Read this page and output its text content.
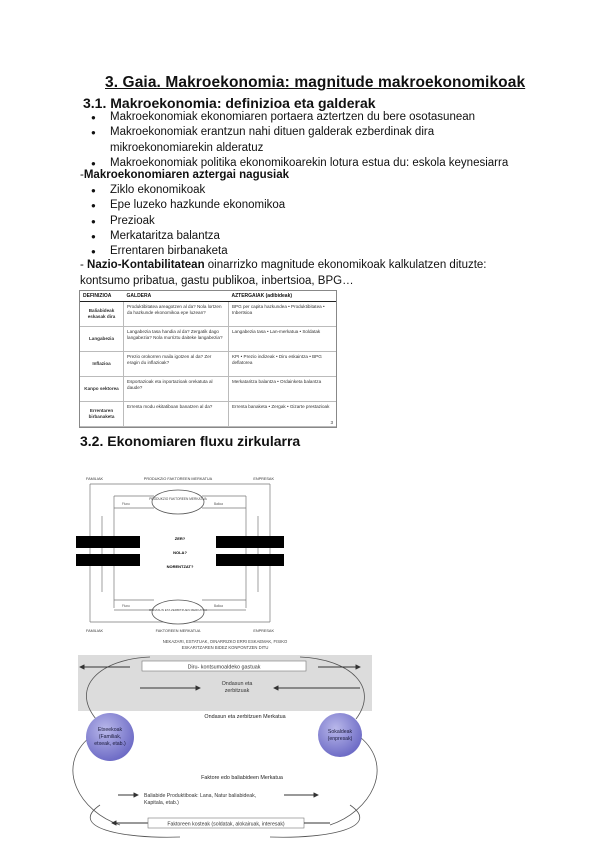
3. Gaia. Makroekonomia: magnitude makroekonomikoak
3.1. Makroekonomia: definizioa eta galderak
● Makroekonomiak ekonomiaren portaera aztertzen du bere osotasunean
● Makroekonomiak erantzun nahi dituen galderak ezberdinak dira mikroekonomiarekin alderatuz
● Makroekonomiak politika ekonomikoarekin lotura estua du: eskola keynesiarra
-Makroekonomiaren aztergai nagusiak
● Ziklo ekonomikoak
● Epe luzeko hazkunde ekonomikoa
● Prezioak
● Merkataritza balantza
● Errentaren birbanaketa
- Nazio-Kontabilitatean oinarrizko magnitude ekonomikoak kalkulatzen dituzte: kontsumo pribatua, gastu publikoa, inbertsioa, BPG…
DEFINIZIOA	GALDERA	AZTERGAIAK (adibideak)
Baliabideak eskasak dira	Produktibitatea areagotzen al da? Nola lortzen da hazkunde ekonomikoa epe luzean?	BPG per capita hazkundea • Produktibitatea • Inbertsioa
Langabezia	Langabezia tasa handia al da? Zergatik dago langabezia? Nola murriztu daiteke langabezia?	Langabezia tasa • Lan-merkatua • Soldatak
Inflazioa	Prezio orokorren maila igotzen al da? Zer eragin du inflazioak?	KPI • Prezio indizeak • Diru eskaintza • BPG deflatorea
Kanpo sektorea	Esportazioak eta inportazioak orekatuta al daude?	Merkataritza balantza • Ordainketa balantza
Errentaren birbanaketa	Errenta modu ekitatiboan banatzen al da?	Errenta banaketa • Zergak • Gizarte prestazioak
3
3.2. Ekonomiaren fluxu zirkularra
PRODUKZIO FAKTOREEN MERKATUA
ONDASUN ETA ZERBITZUEN MERKATUA
FAMILIAK	PRODUKZIO FAKTOREEN MERKATUA	ENPRESAK
FAMILIAK	FAKTOREEN MERKATUA	ENPRESAK
Fluxu	Balioa
Fluxu	Balioa
ZER?
NOLA?
NORENTZAT?
NEKAZARI, ESTATUAK, OINARRIZKO ERRI ESKAEMAK, FISIKO
ESKARITZAREN BIDEZ KONPONTZEN DITU
Diru- kontsumoaldeko gastuak
Ondasun eta
zerbitzuak
Ondasun eta zerbitzuen Merkatua
Etxeekoak
(Familiak,
etxeak, etab.)
Sokaldeak
(enpresak)
Faktore edo baliabideen Merkatua
Baliabide Produktiboak: Lana, Natur baliabideak,
Kapitala, etab.)
Faktoreen kosteak (soldatak, alokairuak, interesak)
